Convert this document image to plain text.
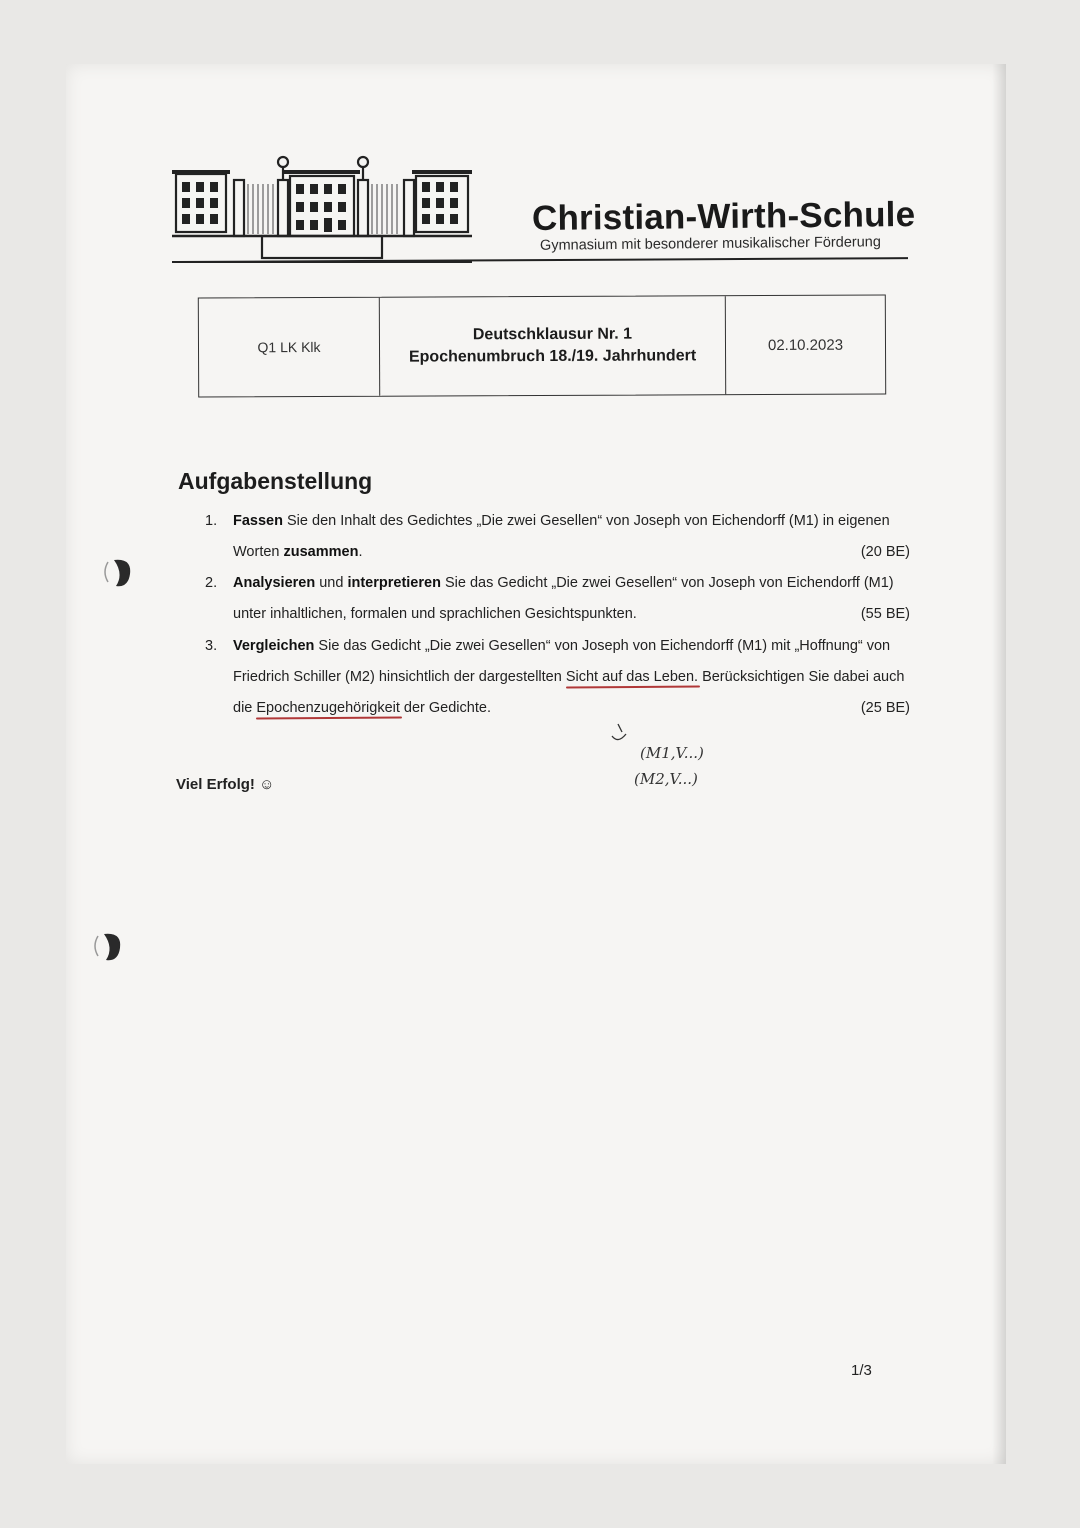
Christian-Wirth-Schule
Gymnasium mit besonderer musikalischer Förderung
Q1 LK Klk
Deutschklausur Nr. 1
Epochenumbruch 18./19. Jahrhundert
02.10.2023
Aufgabenstellung
1.	Fassen Sie den Inhalt des Gedichtes „Die zwei Gesellen“ von Joseph von Eichendorff (M1) in eigenen Worten zusammen.	(20 BE)
2.	Analysieren und interpretieren Sie das Gedicht „Die zwei Gesellen“ von Joseph von Eichendorff (M1) unter inhaltlichen, formalen und sprachlichen Gesichtspunkten.	(55 BE)
3.	Vergleichen Sie das Gedicht „Die zwei Gesellen“ von Joseph von Eichendorff (M1) mit „Hoffnung“ von Friedrich Schiller (M2) hinsichtlich der dargestellten Sicht auf das Leben. Berücksichtigen Sie dabei auch die Epochenzugehörigkeit der Gedichte.	(25 BE)
(M1,V...)
(M2,V...)
Viel Erfolg! ☺
1/3
